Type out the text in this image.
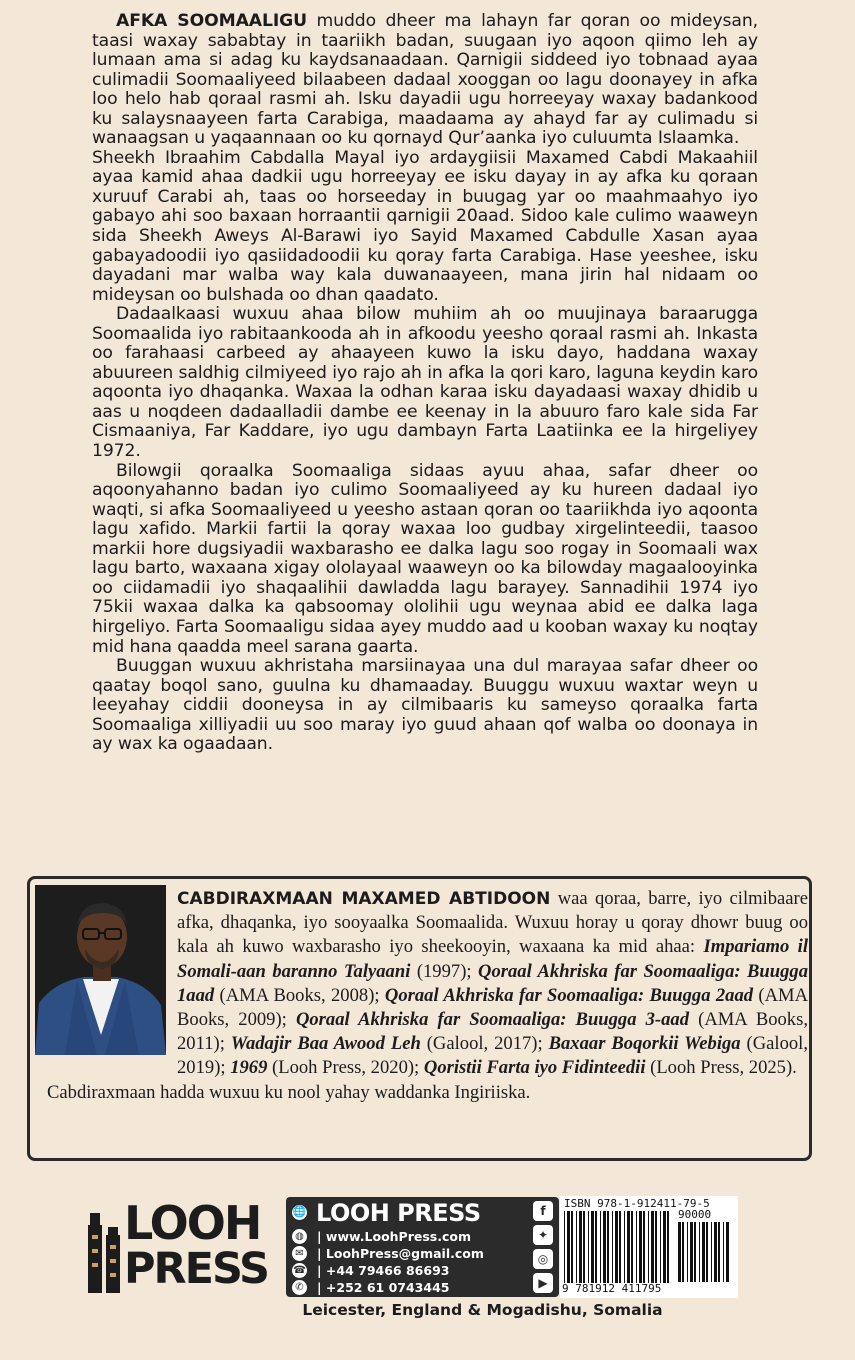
AFKA SOOMAALIGU muddo dheer ma lahayn far qoran oo mideysan, taasi waxay sababtay in taariikh badan, suugaan iyo aqoon qiimo leh ay lumaan ama si adag ku kaydsanaadaan. Qarnigii siddeed iyo tobnaad ayaa culimadii Soomaaliyeed bilaabeen dadaal xooggan oo lagu doonayey in afka loo helo hab qoraal rasmi ah. Isku dayadii ugu horreeyay waxay badankood ku salaysnaayeen farta Carabiga, maadaama ay ahayd far ay culimadu si wanaagsan u yaqaannaan oo ku qornayd Qur’aanka iyo culuumta Islaamka.

Sheekh Ibraahim Cabdalla Mayal iyo ardaygiisii Maxamed Cabdi Makaahiil ayaa kamid ahaa dadkii ugu horreeyay ee isku dayay in ay afka ku qoraan xuruuf Carabi ah, taas oo horseeday in buugag yar oo maahmaahyo iyo gabayo ahi soo baxaan horraantii qarnigii 20aad. Sidoo kale culimo waaweyn sida Sheekh Aweys Al-Barawi iyo Sayid Maxamed Cabdulle Xasan ayaa gabayadoodii iyo qasiidadoodii ku qoray farta Carabiga. Hase yeeshee, isku dayadani mar walba way kala duwanaayeen, mana jirin hal nidaam oo mideysan oo bulshada oo dhan qaadato.

Dadaalkaasi wuxuu ahaa bilow muhiim ah oo muujinaya baraarugga Soomaalida iyo rabitaankooda ah in afkoodu yeesho qoraal rasmi ah. Inkasta oo farahaasi carbeed ay ahaayeen kuwo la isku dayo, haddana waxay abuureen saldhig cilmiyeed iyo rajo ah in afka la qori karo, laguna keydin karo aqoonta iyo dhaqanka. Waxaa la odhan karaa isku dayadaasi waxay dhidib u aas u noqdeen dadaalladii dambe ee keenay in la abuuro faro kale sida Far Cismaaniya, Far Kaddare, iyo ugu dambayn Farta Laatiinka ee la hirgeliyey 1972.

Bilowgii qoraalka Soomaaliga sidaas ayuu ahaa, safar dheer oo aqoonyahanno badan iyo culimo Soomaaliyeed ay ku hureen dadaal iyo waqti, si afka Soomaaliyeed u yeesho astaan qoran oo taariikhda iyo aqoonta lagu xafido. Markii fartii la qoray waxaa loo gudbay xirgelinteedii, taasoo markii hore dugsiyadii waxbarasho ee dalka lagu soo rogay in Soomaali wax lagu barto, waxaana xigay ololayaal waaweyn oo ka bilowday magaalooyinka oo ciidamadii iyo shaqaalihii dawladda lagu barayey. Sannadihii 1974 iyo 75kii waxaa dalka ka qabsoomay ololihii ugu weynaa abid ee dalka laga hirgeliyo. Farta Soomaaligu sidaa ayey muddo aad u kooban waxay ku noqtay mid hana qaadda meel sarana gaarta.

Buuggan wuxuu akhristaha marsiinayaa una dul marayaa safar dheer oo qaatay boqol sano, guulna ku dhamaaday. Buuggu wuxuu waxtar weyn u leeyahay ciddii dooneysa in ay cilmibaaris ku sameyso qoraalka farta Soomaaliga xilliyadii uu soo maray iyo guud ahaan qof walba oo doonaya in ay wax ka ogaadaan.

CABDIRAXMAAN MAXAMED ABTIDOON waa qoraa, barre, iyo cilmibaare afka, dhaqanka, iyo sooyaalka Soomaalida. Wuxuu horay u qoray dhowr buug oo kala ah kuwo waxbarasho iyo sheekooyin, waxaana ka mid ahaa: Impariamo il Somali-aan baranno Talyaani (1997); Qoraal Akhriska far Soomaaliga: Buugga 1aad (AMA Books, 2008); Qoraal Akhriska far Soomaaliga: Buugga 2aad (AMA Books, 2009); Qoraal Akhriska far Soomaaliga: Buugga 3-aad (AMA Books, 2011); Wadajir Baa Awood Leh (Galool, 2017); Baxaar Boqorkii Webiga (Galool, 2019); 1969 (Looh Press, 2020); Qoristii Farta iyo Fidinteedii (Looh Press, 2025).

Cabdiraxmaan hadda wuxuu ku nool yahay waddanka Ingiriiska.

LOOH
PRESS
🌐 LOOH PRESS
◍	| www.LoohPress.com
✉	| LoohPress@gmail.com
☎	| +44 79466 86693
✆	| +252 61 0743445
f
✦
◎
▶
ISBN 978-1-912411-79-5
90000
9 781912 411795
Leicester, England & Mogadishu, Somalia
